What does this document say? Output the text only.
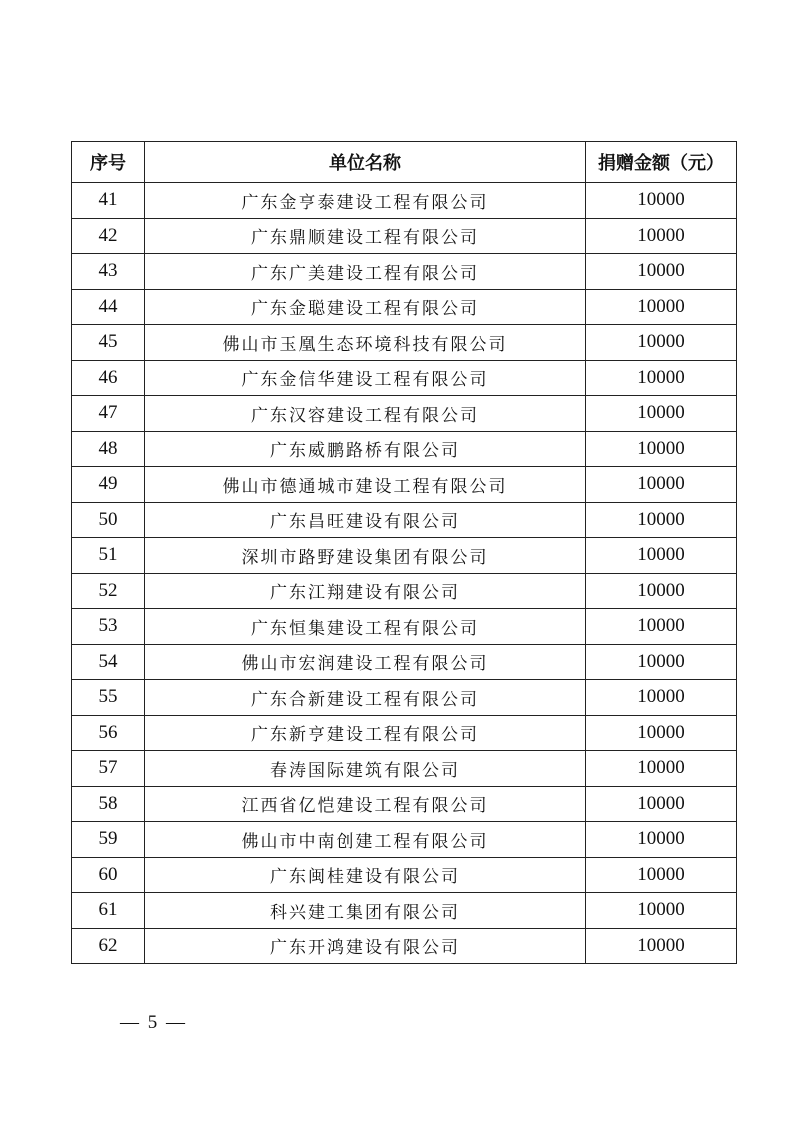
序号	单位名称	捐赠金额（元）
41	广东金亨泰建设工程有限公司	10000
42	广东鼎顺建设工程有限公司	10000
43	广东广美建设工程有限公司	10000
44	广东金聪建设工程有限公司	10000
45	佛山市玉凰生态环境科技有限公司	10000
46	广东金信华建设工程有限公司	10000
47	广东汉容建设工程有限公司	10000
48	广东威鹏路桥有限公司	10000
49	佛山市德通城市建设工程有限公司	10000
50	广东昌旺建设有限公司	10000
51	深圳市路野建设集团有限公司	10000
52	广东江翔建设有限公司	10000
53	广东恒集建设工程有限公司	10000
54	佛山市宏润建设工程有限公司	10000
55	广东合新建设工程有限公司	10000
56	广东新亨建设工程有限公司	10000
57	春涛国际建筑有限公司	10000
58	江西省亿恺建设工程有限公司	10000
59	佛山市中南创建工程有限公司	10000
60	广东闽桂建设有限公司	10000
61	科兴建工集团有限公司	10000
62	广东开鸿建设有限公司	10000
— 5 —
